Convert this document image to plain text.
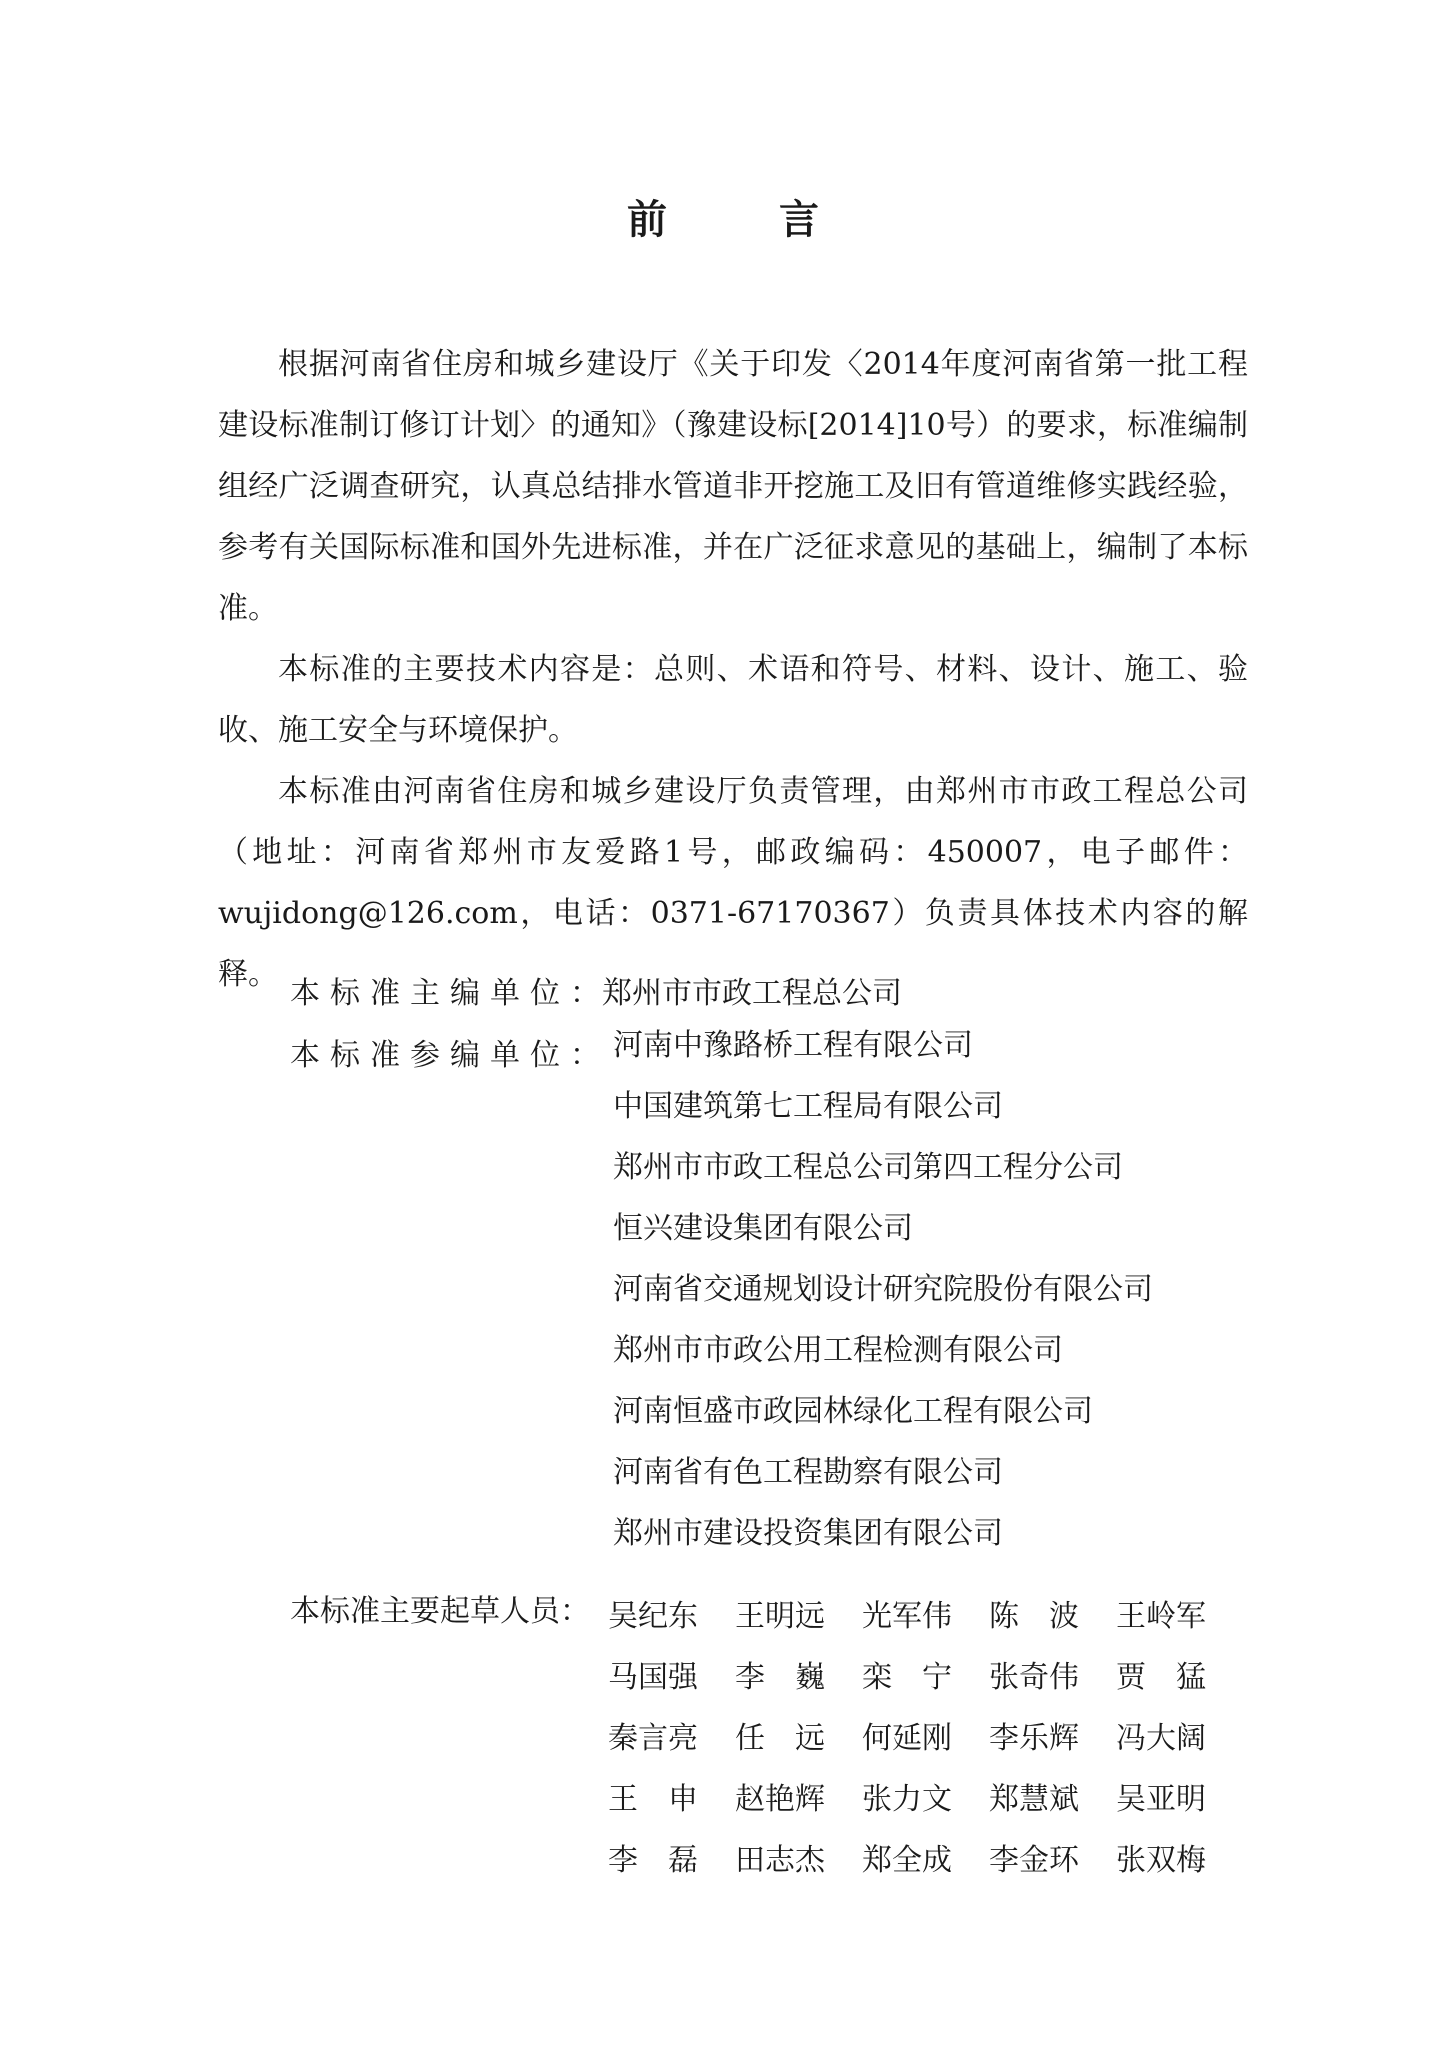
前	言

根据河南省住房和城乡建设厅《关于印发〈2014年度河南省第一批工程建设标准制订修订计划〉的通知》（豫建设标[2014]10号）的要求，标准编制组经广泛调查研究，认真总结排水管道非开挖施工及旧有管道维修实践经验，参考有关国际标准和国外先进标准，并在广泛征求意见的基础上，编制了本标准。

本标准的主要技术内容是：总则、术语和符号、材料、设计、施工、验收、施工安全与环境保护。

本标准由河南省住房和城乡建设厅负责管理，由郑州市市政工程总公司（地址：河南省郑州市友爱路1号，邮政编码：450007，电子邮件：wujidong@126.com，电话：0371-67170367）负责具体技术内容的解释。

本标准主编单位：郑州市市政工程总公司
本标准参编单位： 河南中豫路桥工程有限公司
中国建筑第七工程局有限公司
郑州市市政工程总公司第四工程分公司
恒兴建设集团有限公司
河南省交通规划设计研究院股份有限公司
郑州市市政公用工程检测有限公司
河南恒盛市政园林绿化工程有限公司
河南省有色工程勘察有限公司
郑州市建设投资集团有限公司
本标准主要起草人员： 吴纪东	王明远	光军伟	陈　波	王岭军
马国强	李　巍	栾　宁	张奇伟	贾　猛
秦言亮	任　远	何延刚	李乐辉	冯大阔
王　申	赵艳辉	张力文	郑慧斌	吴亚明
李　磊	田志杰	郑全成	李金环	张双梅
